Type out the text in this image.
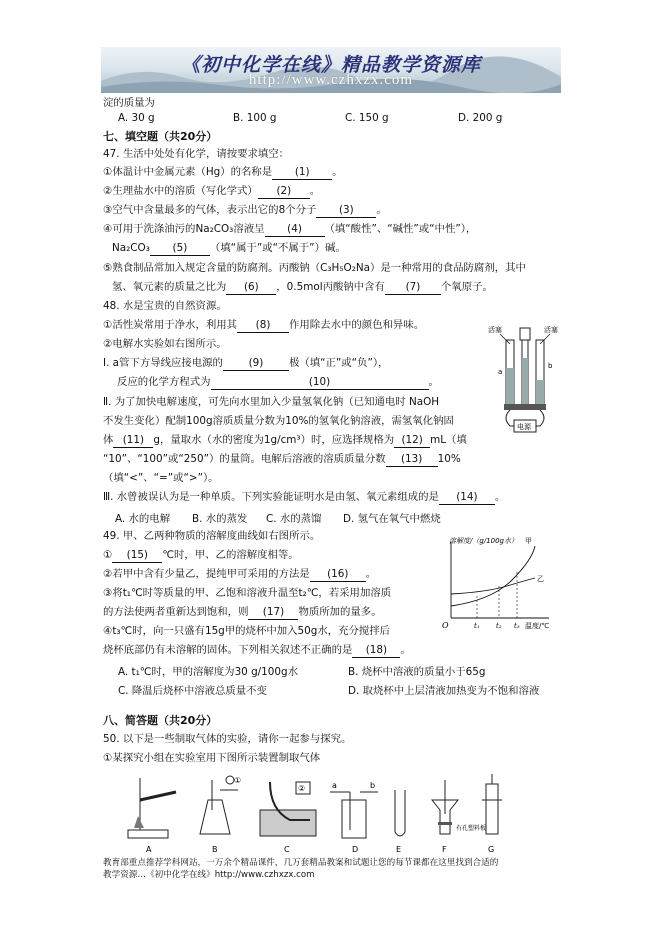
《初中化学在线》精品教学资源库
http://www.czhxzx.com
淀的质量为
A. 30 g	B. 100 g	C. 150 g	D. 200 g
七、填空题（共20分）
47. 生活中处处有化学，请按要求填空：
①体温计中金属元素（Hg）的名称是 (1) 。
②生理盐水中的溶质（写化学式） (2) 。
③空气中含量最多的气体，表示出它的8个分子 (3) 。
④可用于洗涤油污的Na₂CO₃溶液呈 (4) （填“酸性”、“碱性”或“中性”），
Na₂CO₃ (5) （填“属于”或“不属于”）碱。
⑤熟食制品常加入规定含量的防腐剂。丙酸钠（C₃H₅O₂Na）是一种常用的食品防腐剂，其中
氢、氧元素的质量之比为 (6) ，0.5mol丙酸钠中含有 (7) 个氧原子。
48. 水是宝贵的自然资源。
①活性炭常用于净水，利用其 (8) 作用除去水中的颜色和异味。
②电解水实验如右图所示。
Ⅰ. a管下方导线应接电源的 (9) 极（填“正”或“负”），
反应的化学方程式为	(10)	。
Ⅱ. 为了加快电解速度，可先向水里加入少量氢氧化钠（已知通电时 NaOH
不发生变化）配制100g溶质质量分数为10%的氢氧化钠溶液，需氢氧化钠固
体 (11) g，量取水（水的密度为1g/cm³）时，应选择规格为 (12) mL（填
“10”、“100”或“250”）的量筒。电解后溶液的溶质质量分数 (13) 10%
（填“<”、“=”或“>”）。
Ⅲ. 水曾被误认为是一种单质。下列实验能证明水是由氢、氧元素组成的是 (14) 。
A. 水的电解 B. 水的蒸发 C. 水的蒸馏 D. 氢气在氧气中燃烧
活塞	活塞
a
b
电源
49. 甲、乙两种物质的溶解度曲线如右图所示。
① (15) ℃时，甲、乙的溶解度相等。
②若甲中含有少量乙，提纯甲可采用的方法是 (16) 。
③将t₁℃时等质量的甲、乙饱和溶液升温至t₂℃，若采用加溶质
的方法使两者重新达到饱和，则 (17) 物质所加的量多。
④t₃℃时，向一只盛有15g甲的烧杯中加入50g水，充分搅拌后
烧杯底部仍有未溶解的固体。下列相关叙述不正确的是 (18) 。
A. t₁℃时，甲的溶解度为30 g/100g水	B. 烧杯中溶液的质量小于65g
C. 降温后烧杯中溶液总质量不变	D. 取烧杯中上层清液加热变为不饱和溶液
溶解度/（g/100g水） 甲
乙
O	t₁ t₂ t₃ 温度/℃
八、简答题（共20分）
50. 以下是一些制取气体的实验，请你一起参与探究。
①某探究小组在实验室用下图所示装置制取气体
A
①
B
②
C
a	b
D	E
有孔塑料板
F	G
教育部重点推荐学科网站，一万余个精品课件，几万套精品教案和试题让您的每节课都在这里找到合适的
教学资源…《初中化学在线》http://www.czhxzx.com
